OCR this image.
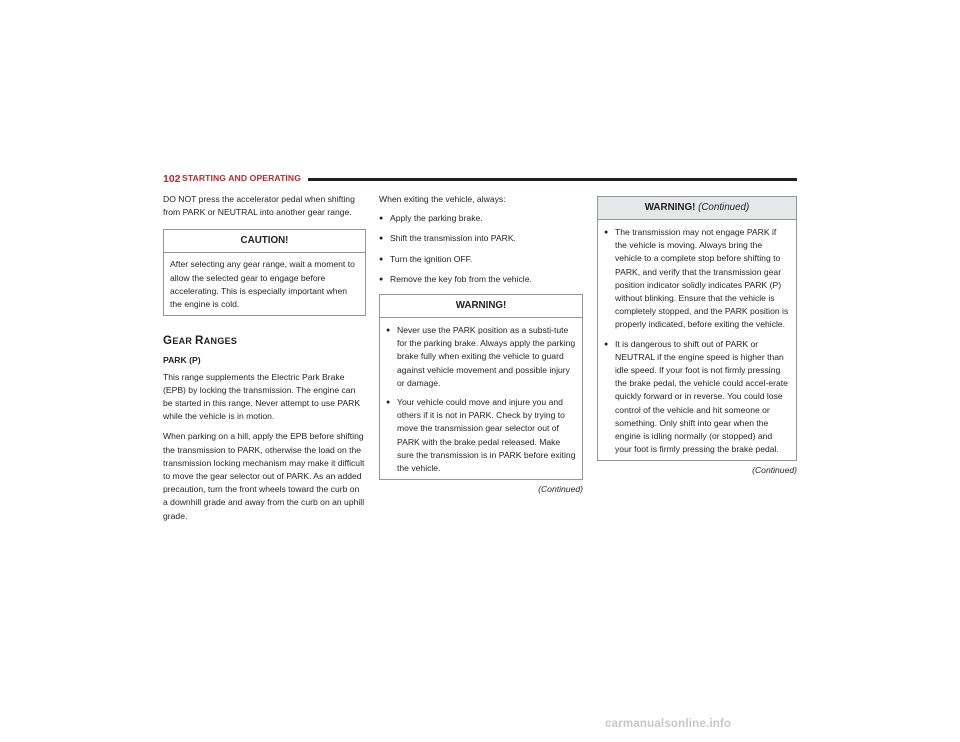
102 STARTING AND OPERATING

DO NOT press the accelerator pedal when shifting from PARK or NEUTRAL into another gear range.

CAUTION!
After selecting any gear range, wait a moment to allow the selected gear to engage before accelerating. This is especially important when the engine is cold.
GEAR RANGES

PARK (P)

This range supplements the Electric Park Brake (EPB) by locking the transmission. The engine can be started in this range. Never attempt to use PARK while the vehicle is in motion.

When parking on a hill, apply the EPB before shifting the transmission to PARK, otherwise the load on the transmission locking mechanism may make it difficult to move the gear selector out of PARK. As an added precaution, turn the front wheels toward the curb on a downhill grade and away from the curb on an uphill grade.

When exiting the vehicle, always:

● Apply the parking brake.
● Shift the transmission into PARK.
● Turn the ignition OFF.
● Remove the key fob from the vehicle.
WARNING!
● Never use the PARK position as a substi-tute for the parking brake. Always apply the parking brake fully when exiting the vehicle to guard against vehicle movement and possible injury or damage.
● Your vehicle could move and injure you and others if it is not in PARK. Check by trying to move the transmission gear selector out of PARK with the brake pedal released. Make sure the transmission is in PARK before exiting the vehicle.
(Continued)
WARNING! (Continued)
● The transmission may not engage PARK if the vehicle is moving. Always bring the vehicle to a complete stop before shifting to PARK, and verify that the transmission gear position indicator solidly indicates PARK (P) without blinking. Ensure that the vehicle is completely stopped, and the PARK position is properly indicated, before exiting the vehicle.
● It is dangerous to shift out of PARK or NEUTRAL if the engine speed is higher than idle speed. If your foot is not firmly pressing the brake pedal, the vehicle could accel-erate quickly forward or in reverse. You could lose control of the vehicle and hit someone or something. Only shift into gear when the engine is idling normally (or stopped) and your foot is firmly pressing the brake pedal.
(Continued)
carmanualsonline.info
